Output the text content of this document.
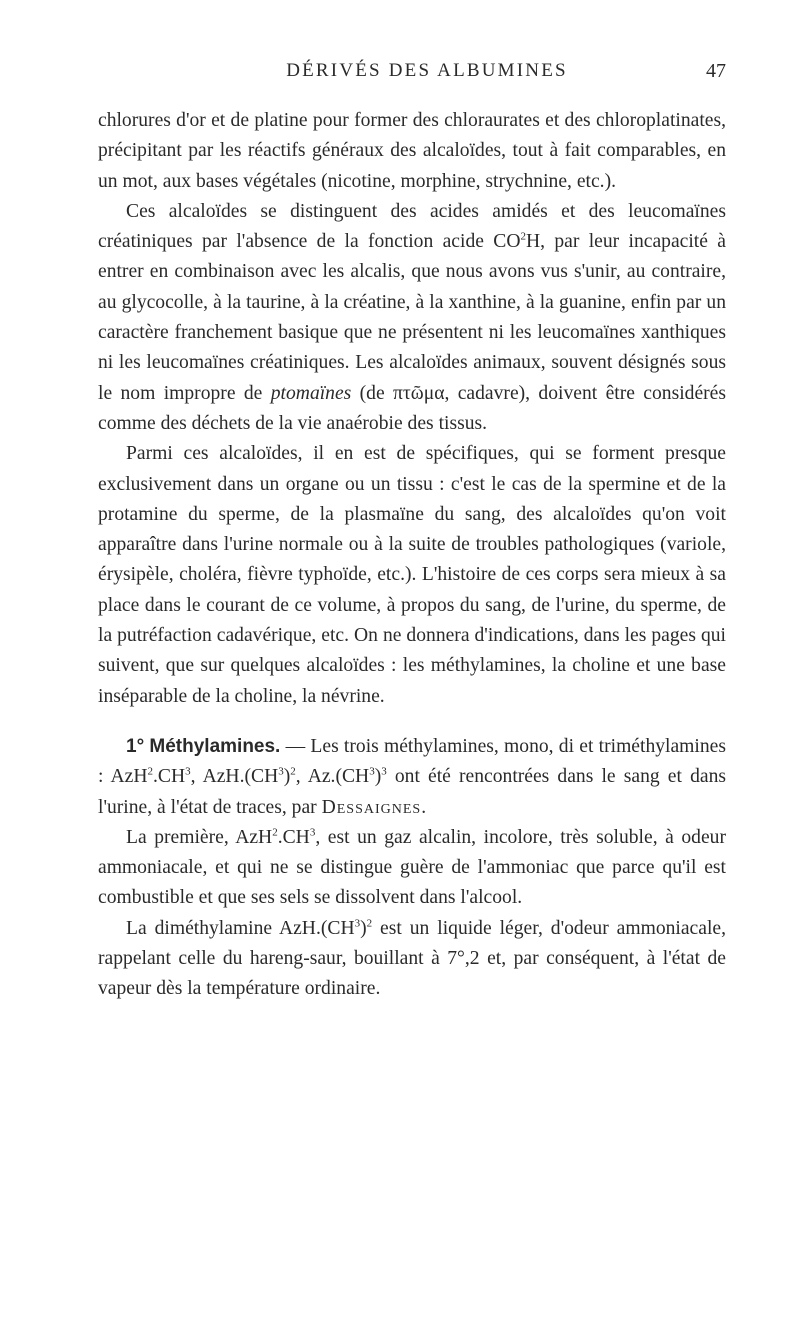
DÉRIVÉS DES ALBUMINES	47

chlorures d'or et de platine pour former des chloraurates et des chloroplatinates, précipitant par les réactifs généraux des alcaloïdes, tout à fait comparables, en un mot, aux bases végétales (nicotine, morphine, strychnine, etc.).

Ces alcaloïdes se distinguent des acides amidés et des leucomaïnes créatiniques par l'absence de la fonction acide $CO^2H$, par leur incapacité à entrer en combinaison avec les alcalis, que nous avons vus s'unir, au contraire, au glycocolle, à la taurine, à la créatine, à la xanthine, à la guanine, enfin par un caractère franchement basique que ne présentent ni les leucomaïnes xanthiques ni les leucomaïnes créatiniques. Les alcaloïdes animaux, souvent désignés sous le nom impropre de ptomaïnes (de πτῶμα, cadavre), doivent être considérés comme des déchets de la vie anaérobie des tissus.

Parmi ces alcaloïdes, il en est de spécifiques, qui se forment presque exclusivement dans un organe ou un tissu : c'est le cas de la spermine et de la protamine du sperme, de la plasmaïne du sang, des alcaloïdes qu'on voit apparaître dans l'urine normale ou à la suite de troubles pathologiques (variole, érysipèle, choléra, fièvre typhoïde, etc.). L'histoire de ces corps sera mieux à sa place dans le courant de ce volume, à propos du sang, de l'urine, du sperme, de la putréfaction cadavérique, etc. On ne donnera d'indications, dans les pages qui suivent, que sur quelques alcaloïdes : les méthylamines, la choline et une base inséparable de la choline, la névrine.

1° Méthylamines. — Les trois méthylamines, mono, di et triméthylamines : $AzH^2.CH^3$, $AzH.(CH^3)^2$, $Az.(CH^3)^3$ ont été rencontrées dans le sang et dans l'urine, à l'état de traces, par Dessaignes.

La première, $AzH^2.CH^3$, est un gaz alcalin, incolore, très soluble, à odeur ammoniacale, et qui ne se distingue guère de l'ammoniac que parce qu'il est combustible et que ses sels se dissolvent dans l'alcool.

La diméthylamine $AzH.(CH^3)^2$ est un liquide léger, d'odeur ammoniacale, rappelant celle du hareng-saur, bouillant à 7°,2 et, par conséquent, à l'état de vapeur dès la température ordinaire.
